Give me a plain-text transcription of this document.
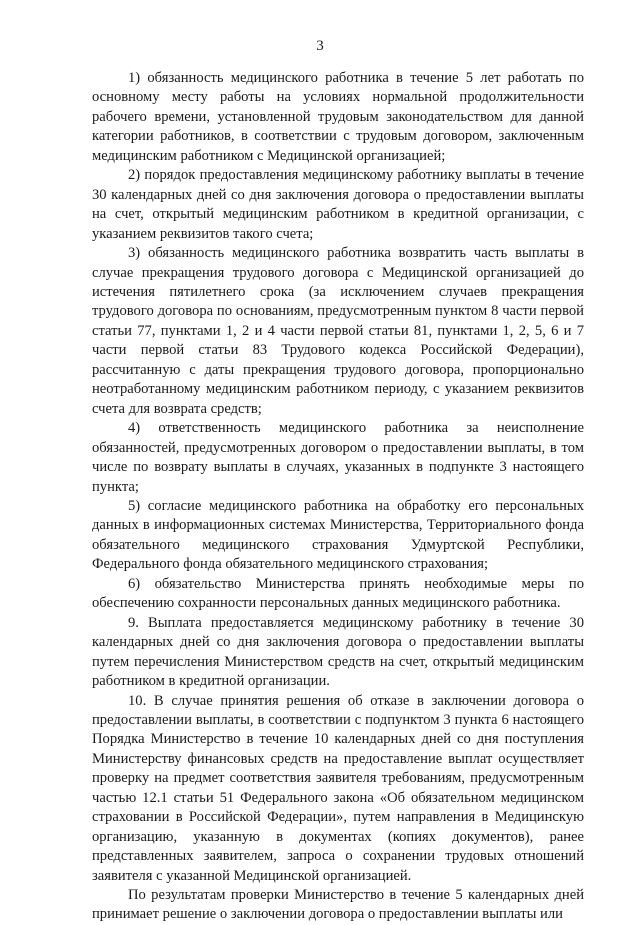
3

1) обязанность медицинского работника в течение 5 лет работать по основному месту работы на условиях нормальной продолжительности рабочего времени, установленной трудовым законодательством для данной категории работников, в соответствии с трудовым договором, заключенным медицинским работником с Медицинской организацией;

2) порядок предоставления медицинскому работнику выплаты в течение 30 календарных дней со дня заключения договора о предоставлении выплаты на счет, открытый медицинским работником в кредитной организации, с указанием реквизитов такого счета;

3) обязанность медицинского работника возвратить часть выплаты в случае прекращения трудового договора с Медицинской организацией до истечения пятилетнего срока (за исключением случаев прекращения трудового договора по основаниям, предусмотренным пунктом 8 части первой статьи 77, пунктами 1, 2 и 4 части первой статьи 81, пунктами 1, 2, 5, 6 и 7 части первой статьи 83 Трудового кодекса Российской Федерации), рассчитанную с даты прекращения трудового договора, пропорционально неотработанному медицинским работником периоду, с указанием реквизитов счета для возврата средств;

4) ответственность медицинского работника за неисполнение обязанностей, предусмотренных договором о предоставлении выплаты, в том числе по возврату выплаты в случаях, указанных в подпункте 3 настоящего пункта;

5) согласие медицинского работника на обработку его персональных данных в информационных системах Министерства, Территориального фонда обязательного медицинского страхования Удмуртской Республики, Федерального фонда обязательного медицинского страхования;

6) обязательство Министерства принять необходимые меры по обеспечению сохранности персональных данных медицинского работника.

9. Выплата предоставляется медицинскому работнику в течение 30 календарных дней со дня заключения договора о предоставлении выплаты путем перечисления Министерством средств на счет, открытый медицинским работником в кредитной организации.

10. В случае принятия решения об отказе в заключении договора о предоставлении выплаты, в соответствии с подпунктом 3 пункта 6 настоящего Порядка Министерство в течение 10 календарных дней со дня поступления Министерству финансовых средств на предоставление выплат осуществляет проверку на предмет соответствия заявителя требованиям, предусмотренным частью 12.1 статьи 51 Федерального закона «Об обязательном медицинском страховании в Российской Федерации», путем направления в Медицинскую организацию, указанную в документах (копиях документов), ранее представленных заявителем, запроса о сохранении трудовых отношений заявителя с указанной Медицинской организацией.

По результатам проверки Министерство в течение 5 календарных дней принимает решение о заключении договора о предоставлении выплаты или
